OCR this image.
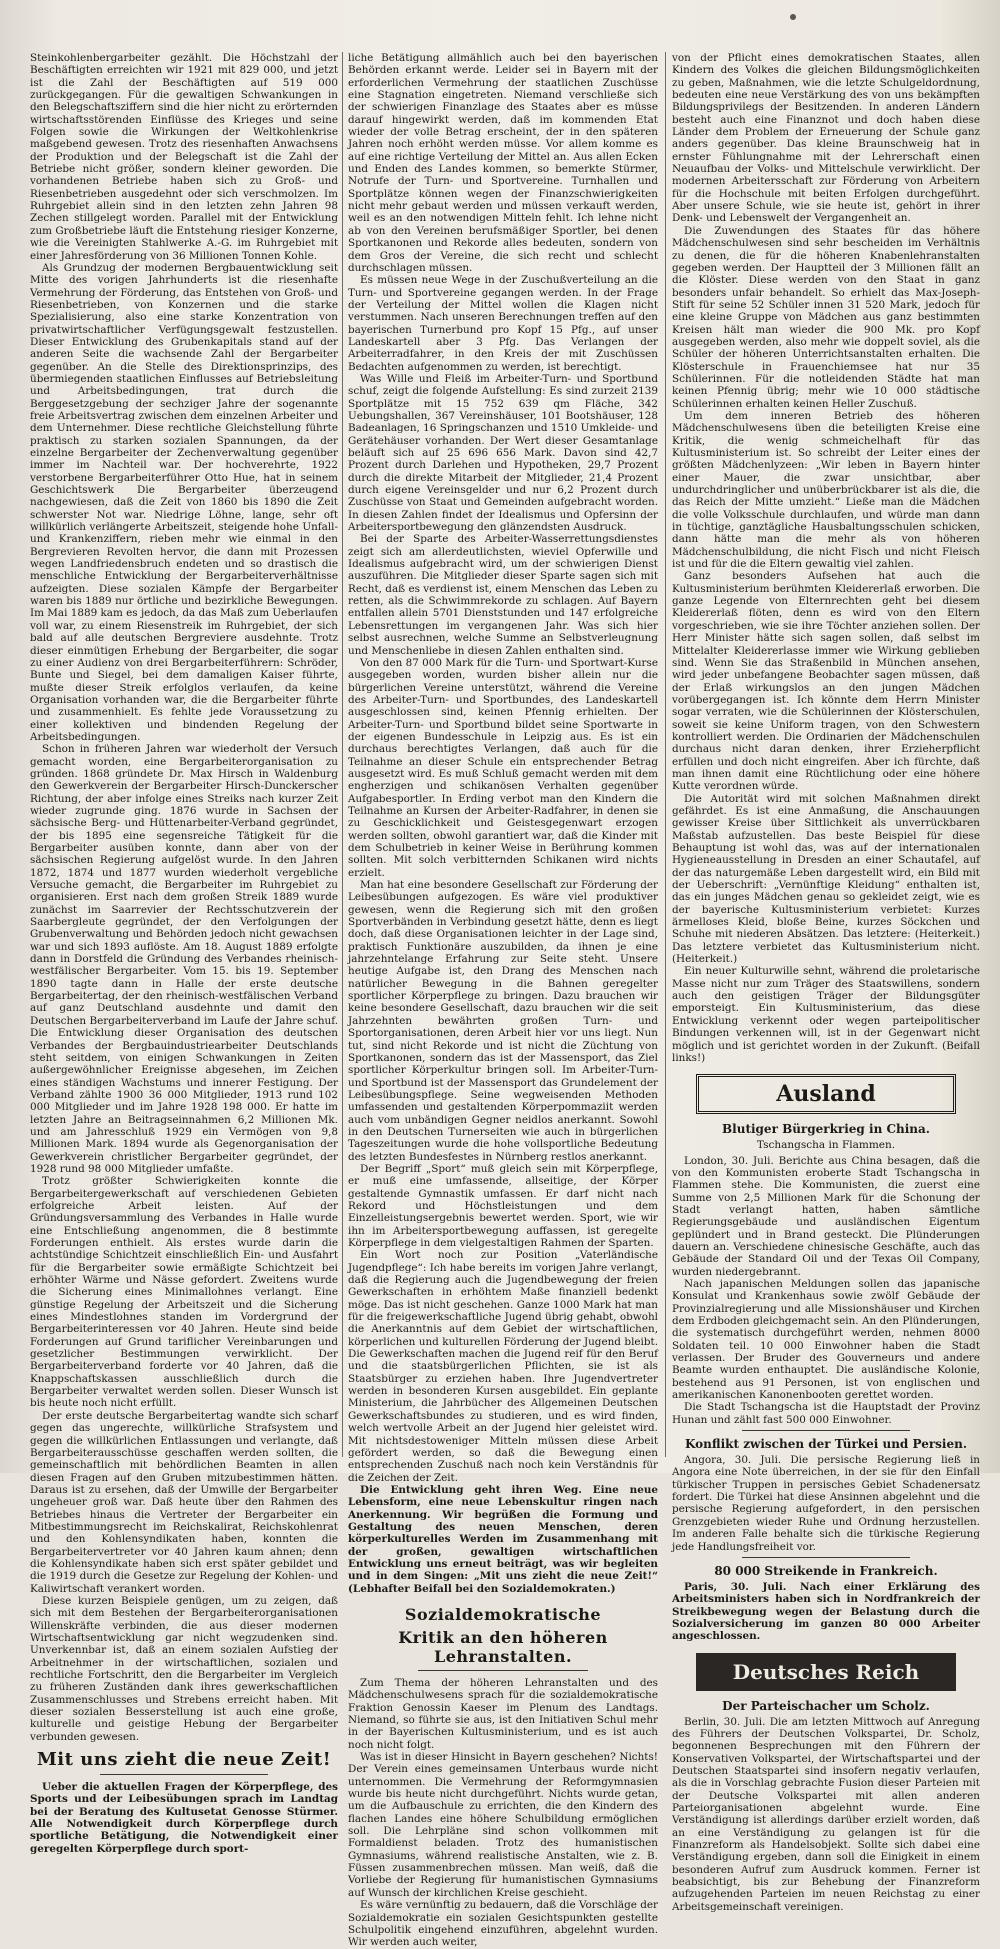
Steinkohlenbergarbeiter gezählt. Die Höchstzahl der Beschäftigten erreichten wir 1921 mit 829 000, und jetzt ist die Zahl der Beschäftigten auf 519 000 zurückgegangen. Für die gewaltigen Schwankungen in den Belegschaftsziffern sind die hier nicht zu erörternden wirtschaftsstörenden Einflüsse des Krieges und seine Folgen sowie die Wirkungen der Weltkohlenkrise maßgebend gewesen. Trotz des riesenhaften Anwachsens der Produktion und der Belegschaft ist die Zahl der Betriebe nicht größer, sondern kleiner geworden. Die vorhandenen Betriebe haben sich zu Groß- und Riesenbetrieben ausgedehnt oder sich verschmolzen. Im Ruhrgebiet allein sind in den letzten zehn Jahren 98 Zechen stillgelegt worden. Parallel mit der Entwicklung zum Großbetriebe läuft die Entstehung riesiger Konzerne, wie die Vereinigten Stahlwerke A.-G. im Ruhrgebiet mit einer Jahresförderung von 36 Millionen Tonnen Kohle.

Als Grundzug der modernen Bergbauentwicklung seit Mitte des vorigen Jahrhunderts ist die riesenhafte Vermehrung der Förderung, das Entstehen von Groß- und Riesenbetrieben, von Konzernen und die starke Spezialisierung, also eine starke Konzentration von privatwirtschaftlicher Verfügungsgewalt festzustellen. Dieser Entwicklung des Grubenkapitals stand auf der anderen Seite die wachsende Zahl der Bergarbeiter gegenüber. An die Stelle des Direktionsprinzips, des übermiegenden staatlichen Einflusses auf Betriebsleitung und Arbeitsbedingungen, trat durch die Berggesetzgebung der sechziger Jahre der sogenannte freie Arbeitsvertrag zwischen dem einzelnen Arbeiter und dem Unternehmer. Diese rechtliche Gleichstellung führte praktisch zu starken sozialen Spannungen, da der einzelne Bergarbeiter der Zechenverwaltung gegenüber immer im Nachteil war. Der hochverehrte, 1922 verstorbene Bergarbeiterführer Otto Hue, hat in seinem Geschichtswerk Die Bergarbeiter überzeugend nachgewiesen, daß die Zeit von 1860 bis 1890 die Zeit schwerster Not war. Niedrige Löhne, lange, sehr oft willkürlich verlängerte Arbeitszeit, steigende hohe Unfall- und Krankenziffern, rieben mehr wie einmal in den Bergrevieren Revolten hervor, die dann mit Prozessen wegen Landfriedensbruch endeten und so drastisch die menschliche Entwicklung der Bergarbeiterverhältnisse aufzeigten. Diese sozialen Kämpfe der Bergarbeiter waren bis 1889 nur örtliche und bezirkliche Bewegungen. Im Mai 1889 kam es jedoch, da das Maß zum Ueberlaufen voll war, zu einem Riesenstreik im Ruhrgebiet, der sich bald auf alle deutschen Bergreviere ausdehnte. Trotz dieser einmütigen Erhebung der Bergarbeiter, die sogar zu einer Audienz von drei Bergarbeiterführern: Schröder, Bunte und Siegel, bei dem damaligen Kaiser führte, mußte dieser Streik erfolglos verlaufen, da keine Organisation vorhanden war, die die Bergarbeiter führte und zusammenhielt. Es fehlte jede Voraussetzung zu einer kollektiven und bindenden Regelung der Arbeitsbedingungen.

Schon in früheren Jahren war wiederholt der Versuch gemacht worden, eine Bergarbeiterorganisation zu gründen. 1868 gründete Dr. Max Hirsch in Waldenburg den Gewerkverein der Bergarbeiter Hirsch-Dunckerscher Richtung, der aber infolge eines Streiks nach kurzer Zeit wieder zugrunde ging. 1876 wurde in Sachsen der sächsische Berg- und Hüttenarbeiter-Verband gegründet, der bis 1895 eine segensreiche Tätigkeit für die Bergarbeiter ausüben konnte, dann aber von der sächsischen Regierung aufgelöst wurde. In den Jahren 1872, 1874 und 1877 wurden wiederholt vergebliche Versuche gemacht, die Bergarbeiter im Ruhrgebiet zu organisieren. Erst nach dem großen Streik 1889 wurde zunächst im Saarrevier der Rechtsschutzverein der Saarbergleute gegründet, der den Verfolgungen der Grubenverwaltung und Behörden jedoch nicht gewachsen war und sich 1893 auflöste. Am 18. August 1889 erfolgte dann in Dorstfeld die Gründung des Verbandes rheinisch-westfälischer Bergarbeiter. Vom 15. bis 19. September 1890 tagte dann in Halle der erste deutsche Bergarbeitertag, der den rheinisch-westfälischen Verband auf ganz Deutschland ausdehnte und damit den Deutschen Bergarbeiterverband im Laufe der Jahre schuf. Die Entwicklung dieser Organisation des deutschen Verbandes der Bergbauindustriearbeiter Deutschlands steht seitdem, von einigen Schwankungen in Zeiten außergewöhnlicher Ereignisse abgesehen, im Zeichen eines ständigen Wachstums und innerer Festigung. Der Verband zählte 1900 36 000 Mitglieder, 1913 rund 102 000 Mitglieder und im Jahre 1928 198 000. Er hatte im letzten Jahre an Beitragseinnahmen 6,2 Millionen Mk. und am Jahresschluß 1929 ein Vermögen von 9,8 Millionen Mark. 1894 wurde als Gegenorganisation der Gewerkverein christlicher Bergarbeiter gegründet, der 1928 rund 98 000 Mitglieder umfaßte.

Trotz größter Schwierigkeiten konnte die Bergarbeitergewerkschaft auf verschiedenen Gebieten erfolgreiche Arbeit leisten. Auf der Gründungsversammlung des Verbandes in Halle wurde eine Entschließung angenommen, die 8 bestimmte Forderungen enthielt. Als erstes wurde darin die achtstündige Schichtzeit einschließlich Ein- und Ausfahrt für die Bergarbeiter sowie ermäßigte Schichtzeit bei erhöhter Wärme und Nässe gefordert. Zweitens wurde die Sicherung eines Minimallohnes verlangt. Eine günstige Regelung der Arbeitszeit und die Sicherung eines Mindestlohnes standen im Vordergrund der Bergarbeiterinteressen vor 40 Jahren. Heute sind beide Forderungen auf Grund tariflicher Vereinbarungen und gesetzlicher Bestimmungen verwirklicht. Der Bergarbeiterverband forderte vor 40 Jahren, daß die Knappschaftskassen ausschließlich durch die Bergarbeiter verwaltet werden sollen. Dieser Wunsch ist bis heute noch nicht erfüllt.

Der erste deutsche Bergarbeitertag wandte sich scharf gegen das ungerechte, willkürliche Strafsystem und gegen die willkürlichen Entlassungen und verlangte, daß Bergarbeiterausschüsse geschaffen werden sollten, die gemeinschaftlich mit behördlichen Beamten in allen diesen Fragen auf den Gruben mitzubestimmen hätten. Daraus ist zu ersehen, daß der Umwille der Bergarbeiter ungeheuer groß war. Daß heute über den Rahmen des Betriebes hinaus die Vertreter der Bergarbeiter ein Mitbestimmungsrecht im Reichskalirat, Reichskohlenrat und den Kohlensyndikaten haben, konnten die Bergarbeitervertreter vor 40 Jahren kaum ahnen; denn die Kohlensyndikate haben sich erst später gebildet und die 1919 durch die Gesetze zur Regelung der Kohlen- und Kaliwirtschaft verankert worden.

Diese kurzen Beispiele genügen, um zu zeigen, daß sich mit dem Bestehen der Bergarbeiterorganisationen Willenskräfte verbinden, die aus dieser modernen Wirtschaftsentwicklung gar nicht wegzudenken sind. Unverkennbar ist, daß an einem sozialen Aufstieg der Arbeitnehmer in der wirtschaftlichen, sozialen und rechtliche Fortschritt, den die Bergarbeiter im Vergleich zu früheren Zuständen dank ihres gewerkschaftlichen Zusammenschlusses und Strebens erreicht haben. Mit dieser sozialen Besserstellung ist auch eine große, kulturelle und geistige Hebung der Bergarbeiter verbunden gewesen.

Mit uns zieht die neue Zeit!

Ueber die aktuellen Fragen der Körperpflege, des Sports und der Leibesübungen sprach im Landtag bei der Beratung des Kultusetat Genosse Stürmer. Alle Notwendigkeit durch Körperpflege durch sportliche Betätigung, die Notwendigkeit einer geregelten Körperpflege durch sport-

liche Betätigung allmählich auch bei den bayerischen Behörden erkannt werde. Leider sei in Bayern mit der erforderlichen Vermehrung der staatlichen Zuschüsse eine Stagnation eingetreten. Niemand verschließe sich der schwierigen Finanzlage des Staates aber es müsse darauf hingewirkt werden, daß im kommenden Etat wieder der volle Betrag erscheint, der in den späteren Jahren noch erhöht werden müsse. Vor allem komme es auf eine richtige Verteilung der Mittel an. Aus allen Ecken und Enden des Landes kommen, so bemerkte Stürmer, Notrufe der Turn- und Sportvereine. Turnhallen und Sportplätze können wegen der Finanzschwierigkeiten nicht mehr gebaut werden und müssen verkauft werden, weil es an den notwendigen Mitteln fehlt. Ich lehne nicht ab von den Vereinen berufsmäßiger Sportler, bei denen Sportkanonen und Rekorde alles bedeuten, sondern von dem Gros der Vereine, die sich recht und schlecht durchschlagen müssen.

Es müssen neue Wege in der Zuschußverteilung an die Turn- und Sportvereine gegangen werden. In der Frage der Verteilung der Mittel wollen die Klagen nicht verstummen. Nach unseren Berechnungen treffen auf den bayerischen Turnerbund pro Kopf 15 Pfg., auf unser Landeskartell aber 3 Pfg. Das Verlangen der Arbeiterradfahrer, in den Kreis der mit Zuschüssen Bedachten aufgenommen zu werden, ist berechtigt.

Was Wille und Fleiß im Arbeiter-Turn- und Sportbund schuf, zeigt die folgende Aufstellung: Es sind zurzeit 2139 Sportplätze mit 15 752 639 qm Fläche, 342 Uebungshallen, 367 Vereinshäuser, 101 Bootshäuser, 128 Badeanlagen, 16 Springschanzen und 1510 Umkleide- und Gerätehäuser vorhanden. Der Wert dieser Gesamtanlage beläuft sich auf 25 696 656 Mark. Davon sind 42,7 Prozent durch Darlehen und Hypotheken, 29,7 Prozent durch die direkte Mitarbeit der Mitglieder, 21,4 Prozent durch eigene Vereinsgelder und nur 6,2 Prozent durch Zuschüsse von Staat und Gemeinden aufgebracht worden. In diesen Zahlen findet der Idealismus und Opfersinn der Arbeitersportbewegung den glänzendsten Ausdruck.

Bei der Sparte des Arbeiter-Wasserrettungsdienstes zeigt sich am allerdeutlichsten, wieviel Opferwille und Idealismus aufgebracht wird, um der schwierigen Dienst auszuführen. Die Mitglieder dieser Sparte sagen sich mit Recht, daß es verdienst ist, einem Menschen das Leben zu retten, als die Schwimmrekorde zu schlagen. Auf Bayern entfallen allein 5701 Dienststunden und 147 erfolgreiche Lebensrettungen im vergangenen Jahr. Was sich hier selbst ausrechnen, welche Summe an Selbstverleugnung und Menschenliebe in diesen Zahlen enthalten sind.

Von den 87 000 Mark für die Turn- und Sportwart-Kurse ausgegeben worden, wurden bisher allein nur die bürgerlichen Vereine unterstützt, während die Vereine des Arbeiter-Turn- und Sportbundes, des Landeskartell ausgeschlossen sind, keinen Pfennig erhielten. Der Arbeiter-Turn- und Sportbund bildet seine Sportwarte in der eigenen Bundesschule in Leipzig aus. Es ist ein durchaus berechtigtes Verlangen, daß auch für die Teilnahme an dieser Schule ein entsprechender Betrag ausgesetzt wird. Es muß Schluß gemacht werden mit dem engherzigen und schikanösen Verhalten gegenüber Aufgabesportler. In Erding verbot man den Kindern die Teilnahme an Kursen der Arbeiter-Radfahrer, in denen sie zu Geschicklichkeit und Geistesgegenwart erzogen werden sollten, obwohl garantiert war, daß die Kinder mit dem Schulbetrieb in keiner Weise in Berührung kommen sollten. Mit solch verbitternden Schikanen wird nichts erzielt.

Man hat eine besondere Gesellschaft zur Förderung der Leibesübungen aufgezogen. Es wäre viel produktiver gewesen, wenn die Regierung sich mit den großen Sportverbänden in Verbindung gesetzt hätte, denn es liegt doch, daß diese Organisationen leichter in der Lage sind, praktisch Funktionäre auszubilden, da ihnen je eine jahrzehntelange Erfahrung zur Seite steht. Unsere heutige Aufgabe ist, den Drang des Menschen nach natürlicher Bewegung in die Bahnen geregelter sportlicher Körperpflege zu bringen. Dazu brauchen wir keine besondere Gesellschaft, dazu brauchen wir die seit Jahrzehnten bewährten großen Turn- und Sportorganisationen, deren Arbeit hier vor uns liegt. Nun tut, sind nicht Rekorde und ist nicht die Züchtung von Sportkanonen, sondern das ist der Massensport, das Ziel sportlicher Körperkultur bringen soll. Im Arbeiter-Turn- und Sportbund ist der Massensport das Grundelement der Leibesübungspflege. Seine wegweisenden Methoden umfassenden und gestaltenden Körperpommaziit werden auch vom unbändigen Gegner neidlos anerkannt. Sowohl in den Deutschen Turnerseiten wie auch in bürgerlichen Tageszeitungen wurde die hohe vollsportliche Bedeutung des letzten Bundesfestes in Nürnberg restlos anerkannt.

Der Begriff „Sport“ muß gleich sein mit Körperpflege, er muß eine umfassende, allseitige, der Körper gestaltende Gymnastik umfassen. Er darf nicht nach Rekord und Höchstleistungen und dem Einzelleistungsergebnis bewertet werden. Sport, wie wir ihn im Arbeitersportbewegung auffassen, ist geregelte Körperpflege in dem vielgestaltigen Rahmen der Sparten.

Ein Wort noch zur Position „Vaterländische Jugendpflege“: Ich habe bereits im vorigen Jahre verlangt, daß die Regierung auch die Jugendbewegung der freien Gewerkschaften in erhöhtem Maße finanziell bedenkt möge. Das ist nicht geschehen. Ganze 1000 Mark hat man für die freigewerkschaftliche Jugend übrig gehabt, obwohl die Anerkanntnis auf dem Gebiet der wirtschaftlichen, körperlichen und kulturellen Förderung der Jugend bleibt. Die Gewerkschaften machen die Jugend reif für den Beruf und die staatsbürgerlichen Pflichten, sie ist als Staatsbürger zu erziehen haben. Ihre Jugendvertreter werden in besonderen Kursen ausgebildet. Ein geplante Ministerium, die Jahrbücher des Allgemeinen Deutschen Gewerkschaftsbundes zu studieren, und es wird finden, welch wertvolle Arbeit an der Jugend hier geleistet wird. Mit nichtsdestoweniger Mitteln müssen diese Arbeit gefördert werden, so daß die Bewegung einen entsprechenden Zuschuß nach noch kein Verständnis für die Zeichen der Zeit.

Die Entwicklung geht ihren Weg. Eine neue Lebensform, eine neue Lebenskultur ringen nach Anerkennung. Wir begrüßen die Formung und Gestaltung des neuen Menschen, deren körperkulturelles Werden im Zusammenhang mit der großen, gewaltigen wirtschaftlichen Entwicklung uns erneut beiträgt, was wir begleiten und in dem Singen: „Mit uns zieht die neue Zeit!“ (Lebhafter Beifall bei den Sozialdemokraten.)

Sozialdemokratische
Kritik an den höheren Lehranstalten.

Zum Thema der höheren Lehranstalten und des Mädchenschulwesens sprach für die sozialdemokratische Fraktion Genossin Kaeser im Plenum des Landtags. Niemand, so führte sie aus, ist den Initiativen Schul mehr in der Bayerischen Kultusministerium, und es ist auch noch nicht folgt.

Was ist in dieser Hinsicht in Bayern geschehen? Nichts! Der Verein eines gemeinsamen Unterbaus wurde nicht unternommen. Die Vermehrung der Reformgymnasien wurde bis heute nicht durchgeführt. Nichts wurde getan, um die Aufbauschule zu errichten, die den Kindern des flachen Landes eine höhere Schulbildung ermöglichen soll. Die Lehrpläne sind schon vollkommen mit Formaldienst beladen. Trotz des humanistischen Gymnasiums, während realistische Anstalten, wie z. B. Füssen zusammenbrechen müssen. Man weiß, daß die Vorliebe der Regierung für humanistischen Gymnasiums auf Wunsch der kirchlichen Kreise geschieht.

Es wäre vernünftig zu bedauern, daß die Vorschläge der Sozialdemokratie ein sozialen Gesichtspunkten gestellte Schulpolitik eingehend einzuführen, abgelehnt wurden. Wir werden auch weiter,

von der Pflicht eines demokratischen Staates, allen Kindern des Volkes die gleichen Bildungsmöglichkeiten zu geben, Maßnahmen, wie die letzte Schulgeldordnung, bedeuten eine neue Verstärkung des von uns bekämpften Bildungsprivilegs der Besitzenden. In anderen Ländern besteht auch eine Finanznot und doch haben diese Länder dem Problem der Erneuerung der Schule ganz anders gegenüber. Das kleine Braunschweig hat in ernster Fühlungnahme mit der Lehrerschaft einen Neuaufbau der Volks- und Mittelschule verwirklicht. Der modernen Arbeitersschaft zur Förderung von Arbeitern für die Hochschule mit beiten Erfolgen durchgeführt. Aber unsere Schule, wie sie heute ist, gehört in ihrer Denk- und Lebenswelt der Vergangenheit an.

Die Zuwendungen des Staates für das höhere Mädchenschulwesen sind sehr bescheiden im Verhältnis zu denen, die für die höheren Knabenlehranstalten gegeben werden. Der Hauptteil der 3 Millionen fällt an die Klöster. Diese werden von den Staat in ganz besonders unfair behandelt. So erhielt das Max-Joseph-Stift für seine 52 Schüler innen 31 520 Mark, jedoch für eine kleine Gruppe von Mädchen aus ganz bestimmten Kreisen hält man wieder die 900 Mk. pro Kopf ausgegeben werden, also mehr wie doppelt soviel, als die Schüler der höheren Unterrichtsanstalten erhalten. Die Klösterschule in Frauenchiemsee hat nur 35 Schülerinnen. Für die notleidenden Städte hat man keinen Pfennig übrig; mehr wie 10 000 städtische Schülerinnen erhalten keinen Heller Zuschuß.

Um dem inneren Betrieb des höheren Mädchenschulwesens üben die beteiligten Kreise eine Kritik, die wenig schmeichelhaft für das Kultusministerium ist. So schreibt der Leiter eines der größten Mädchenlyzeen: „Wir leben in Bayern hinter einer Mauer, die zwar unsichtbar, aber undurchdringlicher und unüberbrückbarer ist als die, die das Reich der Mitte umzieht.“ Ließe man die Mädchen die volle Volksschule durchlaufen, und würde man dann in tüchtige, ganztägliche Hausbaltungsschulen schicken, dann hätte man die mehr als von höheren Mädchenschulbildung, die nicht Fisch und nicht Fleisch ist und für die die Eltern gewaltig viel zahlen.

Ganz besonders Aufsehen hat auch die Kultusministerium berühmten Kleidererlaß erworben. Die ganze Legende von Elternrechten geht bei diesem Kleidererlaß flöten, denn es wird von den Eltern vorgeschrieben, wie sie ihre Töchter anziehen sollen. Der Herr Minister hätte sich sagen sollen, daß selbst im Mittelalter Kleidererlasse immer wie Wirkung geblieben sind. Wenn Sie das Straßenbild in München ansehen, wird jeder unbefangene Beobachter sagen müssen, daß der Erlaß wirkungslos an den jungen Mädchen vorübergegangen ist. Ich könnte dem Herrn Minister sogar verraten, wie die Schülerinnen der Klösterschulen, soweit sie keine Uniform tragen, von den Schwestern kontrolliert werden. Die Ordinarien der Mädchenschulen durchaus nicht daran denken, ihrer Erzieherpflicht erfüllen und doch nicht eingreifen. Aber ich fürchte, daß man ihnen damit eine Rüchtlichung oder eine höhere Kutte verordnen würde.

Die Autorität wird mit solchen Maßnahmen direkt gefährdet. Es ist eine Anmaßung, die Anschauungen gewisser Kreise über Sittlichkeit als unverrückbaren Maßstab aufzustellen. Das beste Beispiel für diese Behauptung ist wohl das, was auf der internationalen Hygieneausstellung in Dresden an einer Schautafel, auf der das naturgemäße Leben dargestellt wird, ein Bild mit der Ueberschrift: „Vernünftige Kleidung“ enthalten ist, das ein junges Mädchen genau so gekleidet zeigt, wie es der bayerische Kultusministerium verbietet: Kurzes ärmelloses Kleid, bloße Beine, kurzes Söckchen und Schuhe mit niederen Absätzen. Das letztere: (Heiterkeit.) Das letztere verbietet das Kultusministerium nicht. (Heiterkeit.)

Ein neuer Kulturwille sehnt, während die proletarische Masse nicht nur zum Träger des Staatswillens, sondern auch den geistigen Träger der Bildungsgüter emporsteigt. Ein Kultusministerium, das diese Entwicklung verkennt oder wegen parteipolitischer Bindungen verkennen will, ist in der Gegenwart nicht möglich und ist gerichtet worden in der Zukunft. (Beifall links!)

Ausland
Blutiger Bürgerkrieg in China.
Tschangscha in Flammen.

London, 30. Juli. Berichte aus China besagen, daß die von den Kommunisten eroberte Stadt Tschangscha in Flammen stehe. Die Kommunisten, die zuerst eine Summe von 2,5 Millionen Mark für die Schonung der Stadt verlangt hatten, haben sämtliche Regierungsgebäude und ausländischen Eigentum geplündert und in Brand gesteckt. Die Plünderungen dauern an. Verschiedene chinesische Geschäfte, auch das Gebäude der Standard Oil und der Texas Oil Company, wurden niedergebrannt.

Nach japanischen Meldungen sollen das japanische Konsulat und Krankenhaus sowie zwölf Gebäude der Provinzialregierung und alle Missionshäuser und Kirchen dem Erdboden gleichgemacht sein. An den Plünderungen, die systematisch durchgeführt werden, nehmen 8000 Soldaten teil. 10 000 Einwohner haben die Stadt verlassen. Der Bruder des Gouverneurs und andere Beamte wurden enthauptet. Die ausländische Kolonie, bestehend aus 91 Personen, ist von englischen und amerikanischen Kanonenbooten gerettet worden.

Die Stadt Tschangscha ist die Hauptstadt der Provinz Hunan und zählt fast 500 000 Einwohner.

Konflikt zwischen der Türkei und Persien.

Angora, 30. Juli. Die persische Regierung ließ in Angora eine Note überreichen, in der sie für den Einfall türkischer Truppen in persisches Gebiet Schadenersatz fordert. Die Türkei hat diese Ansinnen abgelehnt und die persische Regierung aufgefordert, in den persischen Grenzgebieten wieder Ruhe und Ordnung herzustellen. Im anderen Falle behalte sich die türkische Regierung jede Handlungsfreiheit vor.

80 000 Streikende in Frankreich.

Paris, 30. Juli. Nach einer Erklärung des Arbeitsministers haben sich in Nordfrankreich der Streikbewegung wegen der Belastung durch die Sozialversicherung im ganzen 80 000 Arbeiter angeschlossen.

Deutsches Reich
Der Parteischacher um Scholz.

Berlin, 30. Juli. Die am letzten Mittwoch auf Anregung des Führers der Deutschen Volkspartei, Dr. Scholz, begonnenen Besprechungen mit den Führern der Konservativen Volkspartei, der Wirtschaftspartei und der Deutschen Staatspartei sind insofern negativ verlaufen, als die in Vorschlag gebrachte Fusion dieser Parteien mit der Deutsche Volkspartei mit allen anderen Parteiorganisationen abgelehnt wurde. Eine Verständigung ist allerdings darüber erzielt worden, daß an eine Verständigung zu gelangen ist für die Finanzreform als Handelsobjekt. Sollte sich dabei eine Verständigung ergeben, dann soll die Einigkeit in einem besonderen Aufruf zum Ausdruck kommen. Ferner ist beabsichtigt, bis zur Behebung der Finanzreform aufzugehenden Parteien im neuen Reichstag zu einer Arbeitsgemeinschaft vereinigen.
